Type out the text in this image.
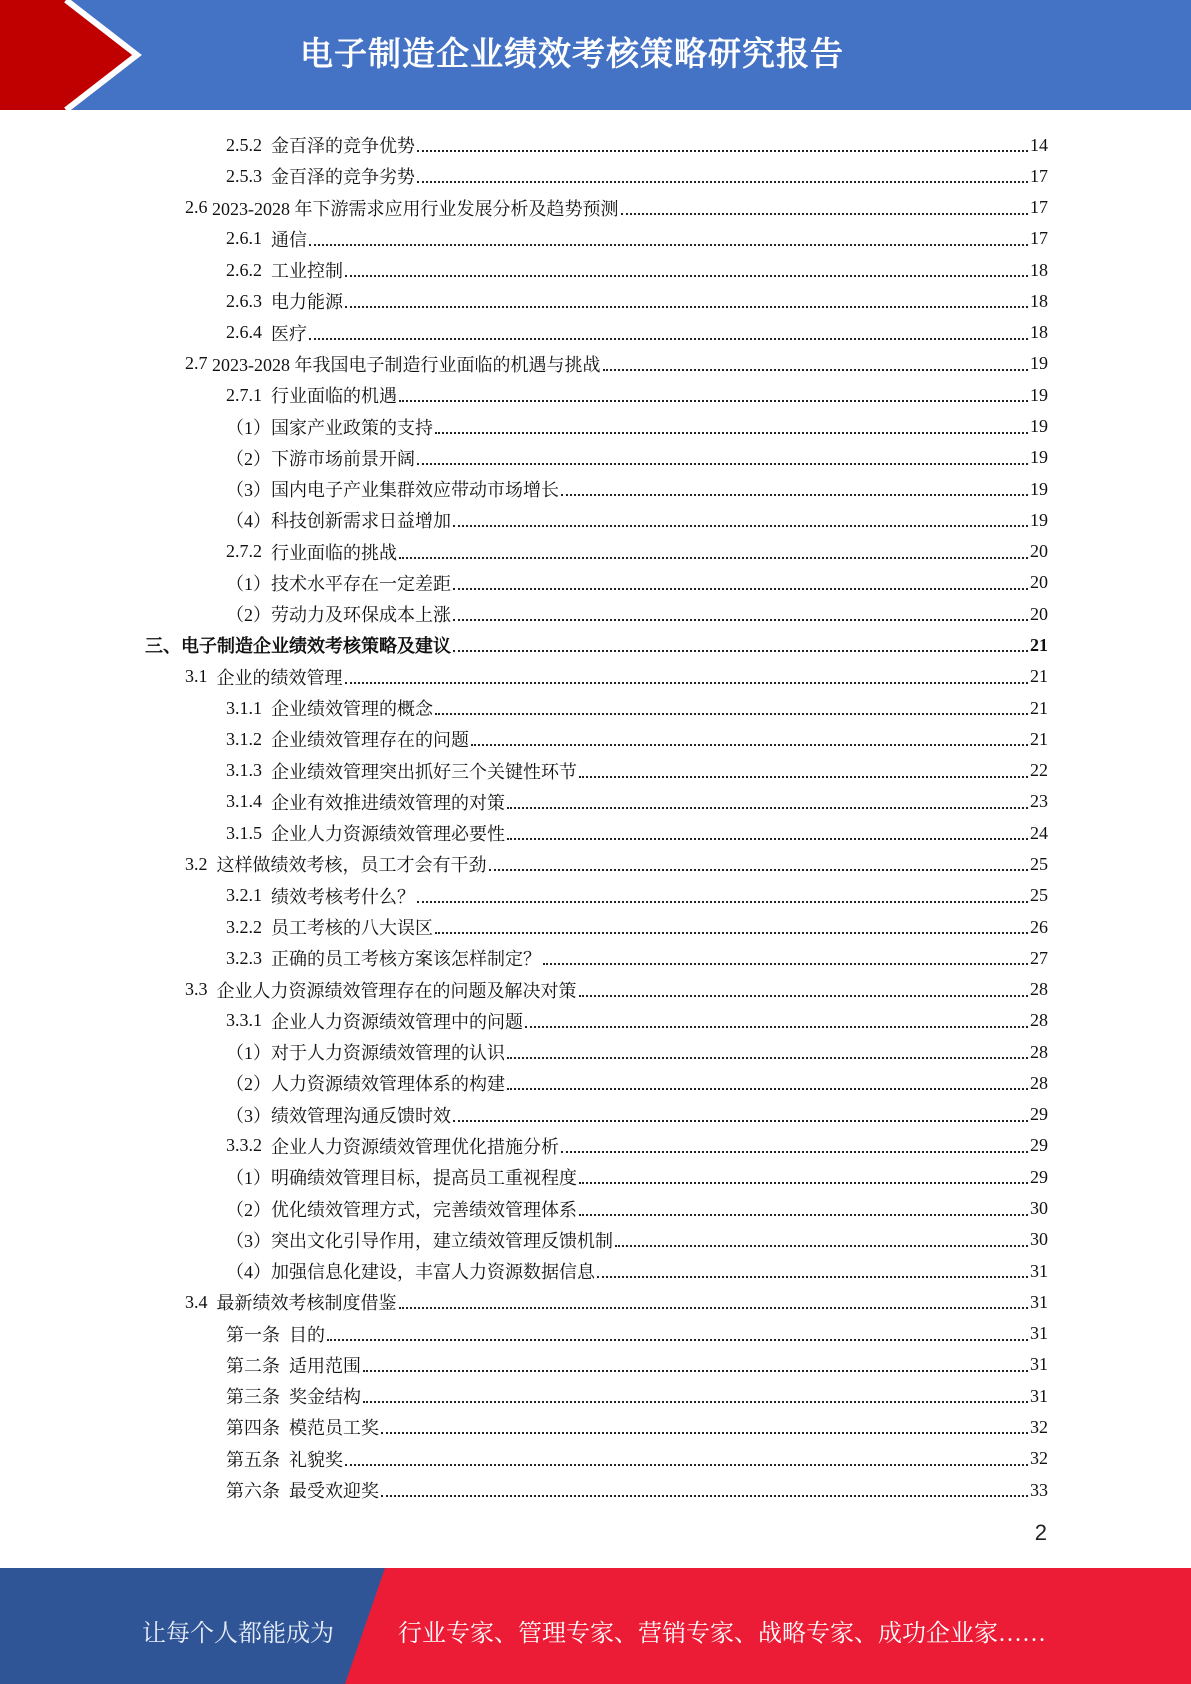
电子制造企业绩效考核策略研究报告
2.5.2 金百泽的竞争优势	14
2.5.3 金百泽的竞争劣势	17
2.6 2023-2028 年下游需求应用行业发展分析及趋势预测	17
2.6.1 通信	17
2.6.2 工业控制	18
2.6.3 电力能源	18
2.6.4 医疗	18
2.7 2023-2028 年我国电子制造行业面临的机遇与挑战	19
2.7.1 行业面临的机遇	19
（1） 国家产业政策的支持	19
（2） 下游市场前景开阔	19
（3） 国内电子产业集群效应带动市场增长	19
（4） 科技创新需求日益增加	19
2.7.2 行业面临的挑战	20
（1） 技术水平存在一定差距	20
（2） 劳动力及环保成本上涨	20
三、 电子制造企业绩效考核策略及建议	21
3.1 企业的绩效管理	21
3.1.1 企业绩效管理的概念	21
3.1.2 企业绩效管理存在的问题	21
3.1.3 企业绩效管理突出抓好三个关键性环节	22
3.1.4 企业有效推进绩效管理的对策	23
3.1.5 企业人力资源绩效管理必要性	24
3.2 这样做绩效考核，员工才会有干劲	25
3.2.1 绩效考核考什么？	25
3.2.2 员工考核的八大误区	26
3.2.3 正确的员工考核方案该怎样制定？	27
3.3 企业人力资源绩效管理存在的问题及解决对策	28
3.3.1 企业人力资源绩效管理中的问题	28
（1） 对于人力资源绩效管理的认识	28
（2） 人力资源绩效管理体系的构建	28
（3） 绩效管理沟通反馈时效	29
3.3.2 企业人力资源绩效管理优化措施分析	29
（1） 明确绩效管理目标，提高员工重视程度	29
（2） 优化绩效管理方式，完善绩效管理体系	30
（3） 突出文化引导作用，建立绩效管理反馈机制	30
（4） 加强信息化建设，丰富人力资源数据信息	31
3.4 最新绩效考核制度借鉴	31
第一条 目的	31
第二条 适用范围	31
第三条 奖金结构	31
第四条 模范员工奖	32
第五条 礼貌奖	32
第六条 最受欢迎奖	33
2
让每个人都能成为	行业专家、管理专家、营销专家、战略专家、成功企业家……
